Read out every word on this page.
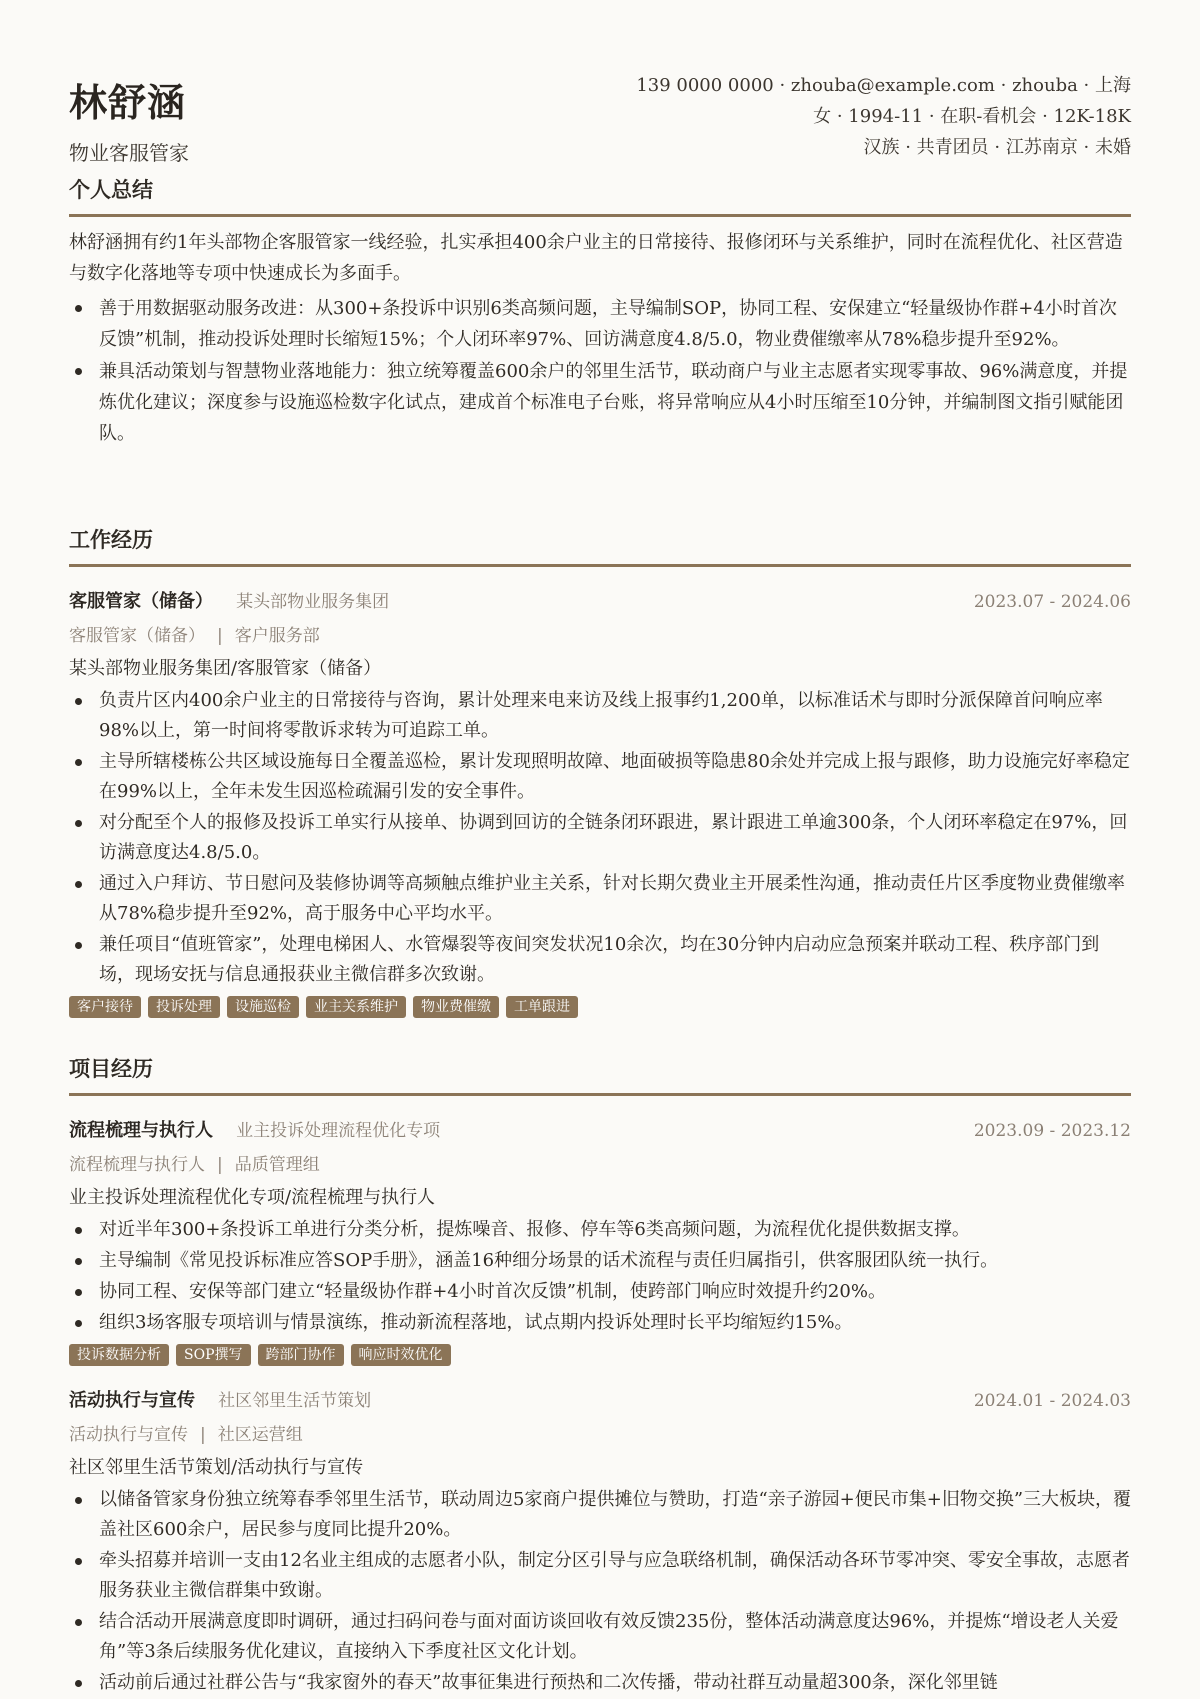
林舒涵
物业客服管家
139 0000 0000 · zhouba@example.com · zhouba · 上海
女 · 1994-11 · 在职-看机会 · 12K-18K
汉族 · 共青团员 · 江苏南京 · 未婚
个人总结
林舒涵拥有约1年头部物企客服管家一线经验，扎实承担400余户业主的日常接待、报修闭环与关系维护，同时在流程优化、社区营造与数字化落地等专项中快速成长为多面手。
善于用数据驱动服务改进：从300+条投诉中识别6类高频问题，主导编制SOP，协同工程、安保建立“轻量级协作群+4小时首次反馈”机制，推动投诉处理时长缩短15%；个人闭环率97%、回访满意度4.8/5.0，物业费催缴率从78%稳步提升至92%。
兼具活动策划与智慧物业落地能力：独立统筹覆盖600余户的邻里生活节，联动商户与业主志愿者实现零事故、96%满意度，并提炼优化建议；深度参与设施巡检数字化试点，建成首个标准电子台账，将异常响应从4小时压缩至10分钟，并编制图文指引赋能团队。
工作经历
客服管家（储备） 某头部物业服务集团	2023.07 - 2024.06
客服管家（储备） | 客户服务部
某头部物业服务集团/客服管家（储备）
负责片区内400余户业主的日常接待与咨询，累计处理来电来访及线上报事约1,200单，以标准话术与即时分派保障首问响应率98%以上，第一时间将零散诉求转为可追踪工单。
主导所辖楼栋公共区域设施每日全覆盖巡检，累计发现照明故障、地面破损等隐患80余处并完成上报与跟修，助力设施完好率稳定在99%以上，全年未发生因巡检疏漏引发的安全事件。
对分配至个人的报修及投诉工单实行从接单、协调到回访的全链条闭环跟进，累计跟进工单逾300条，个人闭环率稳定在97%，回访满意度达4.8/5.0。
通过入户拜访、节日慰问及装修协调等高频触点维护业主关系，针对长期欠费业主开展柔性沟通，推动责任片区季度物业费催缴率从78%稳步提升至92%，高于服务中心平均水平。
兼任项目“值班管家”，处理电梯困人、水管爆裂等夜间突发状况10余次，均在30分钟内启动应急预案并联动工程、秩序部门到场，现场安抚与信息通报获业主微信群多次致谢。
客户接待	投诉处理	设施巡检	业主关系维护	物业费催缴	工单跟进
项目经历
流程梳理与执行人 业主投诉处理流程优化专项	2023.09 - 2023.12
流程梳理与执行人 | 品质管理组
业主投诉处理流程优化专项/流程梳理与执行人
对近半年300+条投诉工单进行分类分析，提炼噪音、报修、停车等6类高频问题，为流程优化提供数据支撑。
主导编制《常见投诉标准应答SOP手册》，涵盖16种细分场景的话术流程与责任归属指引，供客服团队统一执行。
协同工程、安保等部门建立“轻量级协作群+4小时首次反馈”机制，使跨部门响应时效提升约20%。
组织3场客服专项培训与情景演练，推动新流程落地，试点期内投诉处理时长平均缩短约15%。
投诉数据分析	SOP撰写	跨部门协作	响应时效优化
活动执行与宣传 社区邻里生活节策划	2024.01 - 2024.03
活动执行与宣传 | 社区运营组
社区邻里生活节策划/活动执行与宣传
以储备管家身份独立统筹春季邻里生活节，联动周边5家商户提供摊位与赞助，打造“亲子游园+便民市集+旧物交换”三大板块，覆盖社区600余户，居民参与度同比提升20%。
牵头招募并培训一支由12名业主组成的志愿者小队，制定分区引导与应急联络机制，确保活动各环节零冲突、零安全事故，志愿者服务获业主微信群集中致谢。
结合活动开展满意度即时调研，通过扫码问卷与面对面访谈回收有效反馈235份，整体活动满意度达96%，并提炼“增设老人关爱角”等3条后续服务优化建议，直接纳入下季度社区文化计划。
活动前后通过社群公告与“我家窗外的春天”故事征集进行预热和二次传播，带动社群互动量超300条，深化邻里链
